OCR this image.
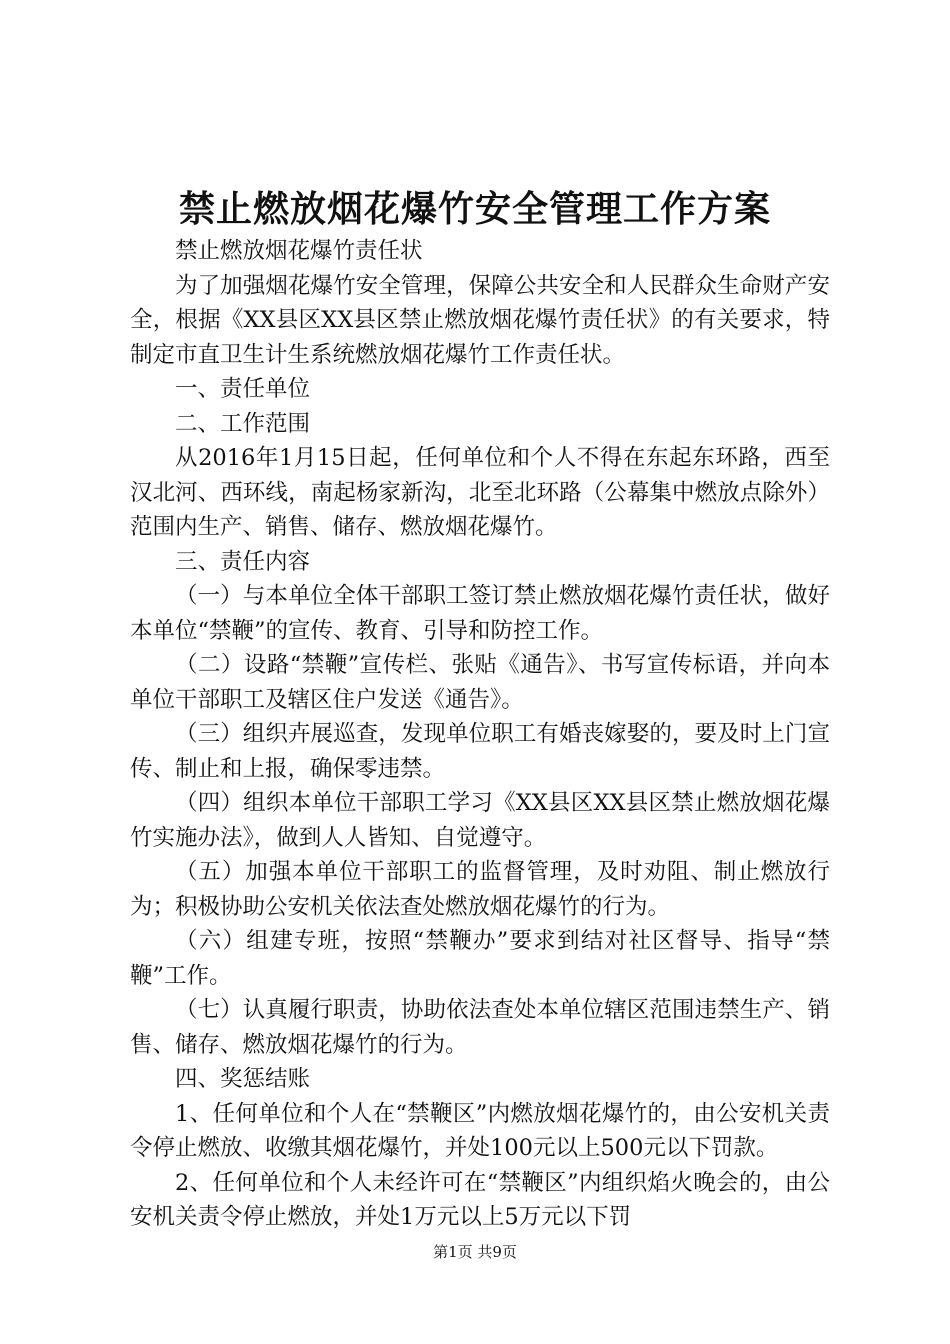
禁止燃放烟花爆竹安全管理工作方案

禁止燃放烟花爆竹责任状

为了加强烟花爆竹安全管理，保障公共安全和人民群众生命财产安全，根据《XX县区XX县区禁止燃放烟花爆竹责任状》的有关要求，特制定市直卫生计生系统燃放烟花爆竹工作责任状。

一、责任单位

二、工作范围

从2016年1月15日起，任何单位和个人不得在东起东环路，西至汉北河、西环线，南起杨家新沟，北至北环路（公幕集中燃放点除外）范围内生产、销售、储存、燃放烟花爆竹。

三、责任内容

（一）与本单位全体干部职工签订禁止燃放烟花爆竹责任状，做好本单位“禁鞭”的宣传、教育、引导和防控工作。

（二）设路“禁鞭”宣传栏、张贴《通告》、书写宣传标语，并向本单位干部职工及辖区住户发送《通告》。

（三）组织卉展巡查，发现单位职工有婚丧嫁娶的，要及时上门宣传、制止和上报，确保零违禁。

（四）组织本单位干部职工学习《XX县区XX县区禁止燃放烟花爆竹实施办法》，做到人人皆知、自觉遵守。

（五）加强本单位干部职工的监督管理，及时劝阻、制止燃放行为；积极协助公安机关依法查处燃放烟花爆竹的行为。

（六）组建专班，按照“禁鞭办”要求到结对社区督导、指导“禁鞭”工作。

（七）认真履行职责，协助依法查处本单位辖区范围违禁生产、销售、储存、燃放烟花爆竹的行为。

四、奖惩结账

1、任何单位和个人在“禁鞭区”内燃放烟花爆竹的，由公安机关责令停止燃放、收缴其烟花爆竹，并处100元以上500元以下罚款。

2、任何单位和个人未经许可在“禁鞭区”内组织焰火晚会的，由公安机关责令停止燃放，并处1万元以上5万元以下罚

第1页 共9页
